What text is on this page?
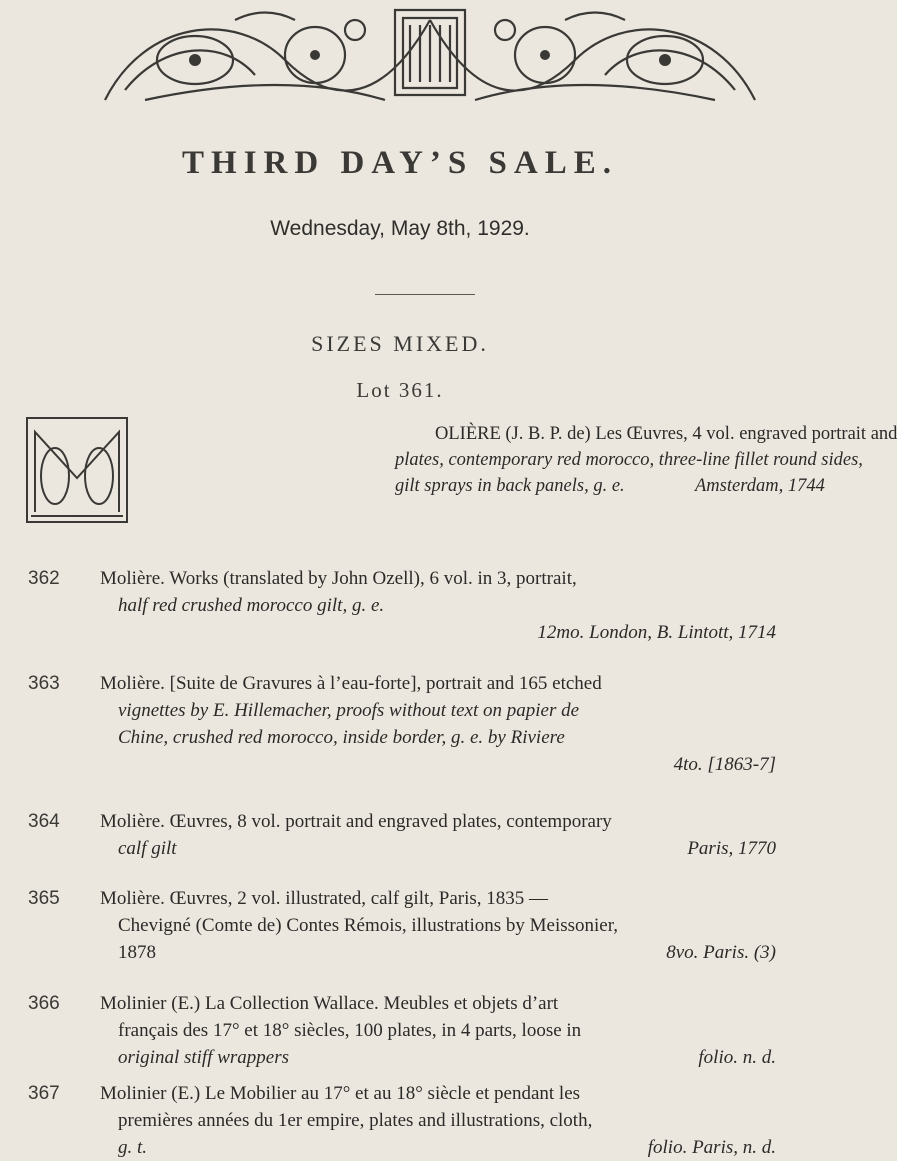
THIRD DAY’S SALE.
Wednesday, May 8th, 1929.
SIZES MIXED.
Lot 361.
M
OLIÈRE (J. B. P. de) Les Œuvres, 4 vol. engraved portrait and
plates, contemporary red morocco, three-line fillet round sides,
gilt sprays in back panels, g. e.	Amsterdam, 1744
362	Molière. Works (translated by John Ozell), 6 vol. in 3, portrait,
half red crushed morocco gilt, g. e.
12mo. London, B. Lintott, 1714
363	Molière. [Suite de Gravures à l’eau-forte], portrait and 165 etched
vignettes by E. Hillemacher, proofs without text on papier de
Chine, crushed red morocco, inside border, g. e. by Riviere
4to. [1863-7]
364	Molière. Œuvres, 8 vol. portrait and engraved plates, contemporary
calf gilt	Paris, 1770
365	Molière. Œuvres, 2 vol. illustrated, calf gilt, Paris, 1835 —
Chevigné (Comte de) Contes Rémois, illustrations by Meissonier,
1878	8vo. Paris. (3)
366	Molinier (E.) La Collection Wallace. Meubles et objets d’art
français des 17° et 18° siècles, 100 plates, in 4 parts, loose in
original stiff wrappers	folio. n. d.
367	Molinier (E.) Le Mobilier au 17° et au 18° siècle et pendant les
premières années du 1er empire, plates and illustrations, cloth,
g. t.	folio. Paris, n. d.
